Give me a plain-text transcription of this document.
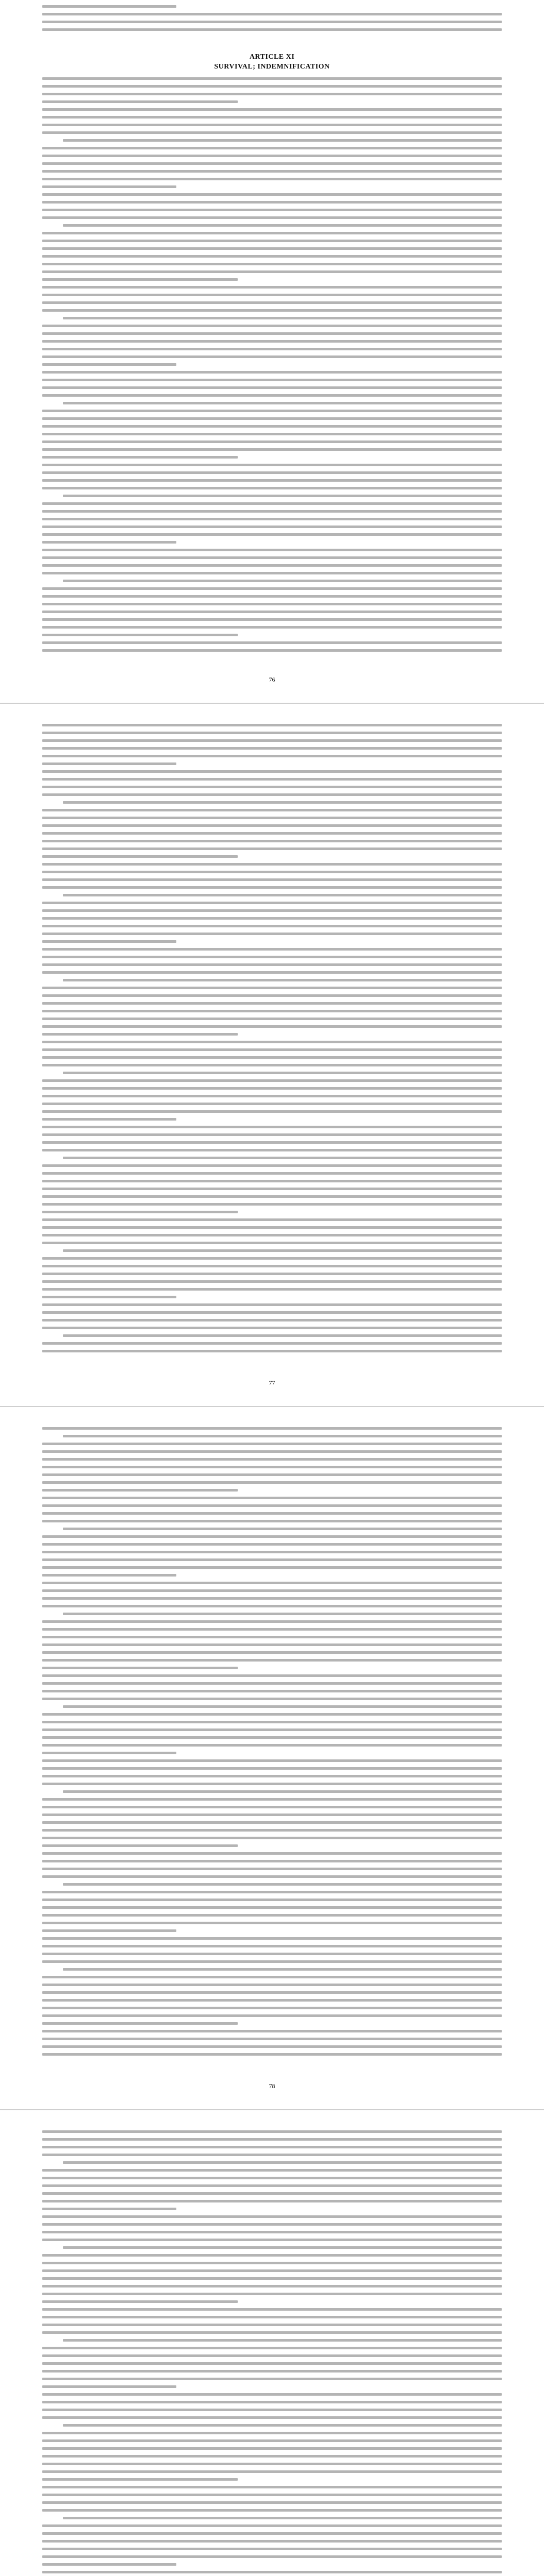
ARTICLE XI
SURVIVAL; INDEMNIFICATION
76
77
78
